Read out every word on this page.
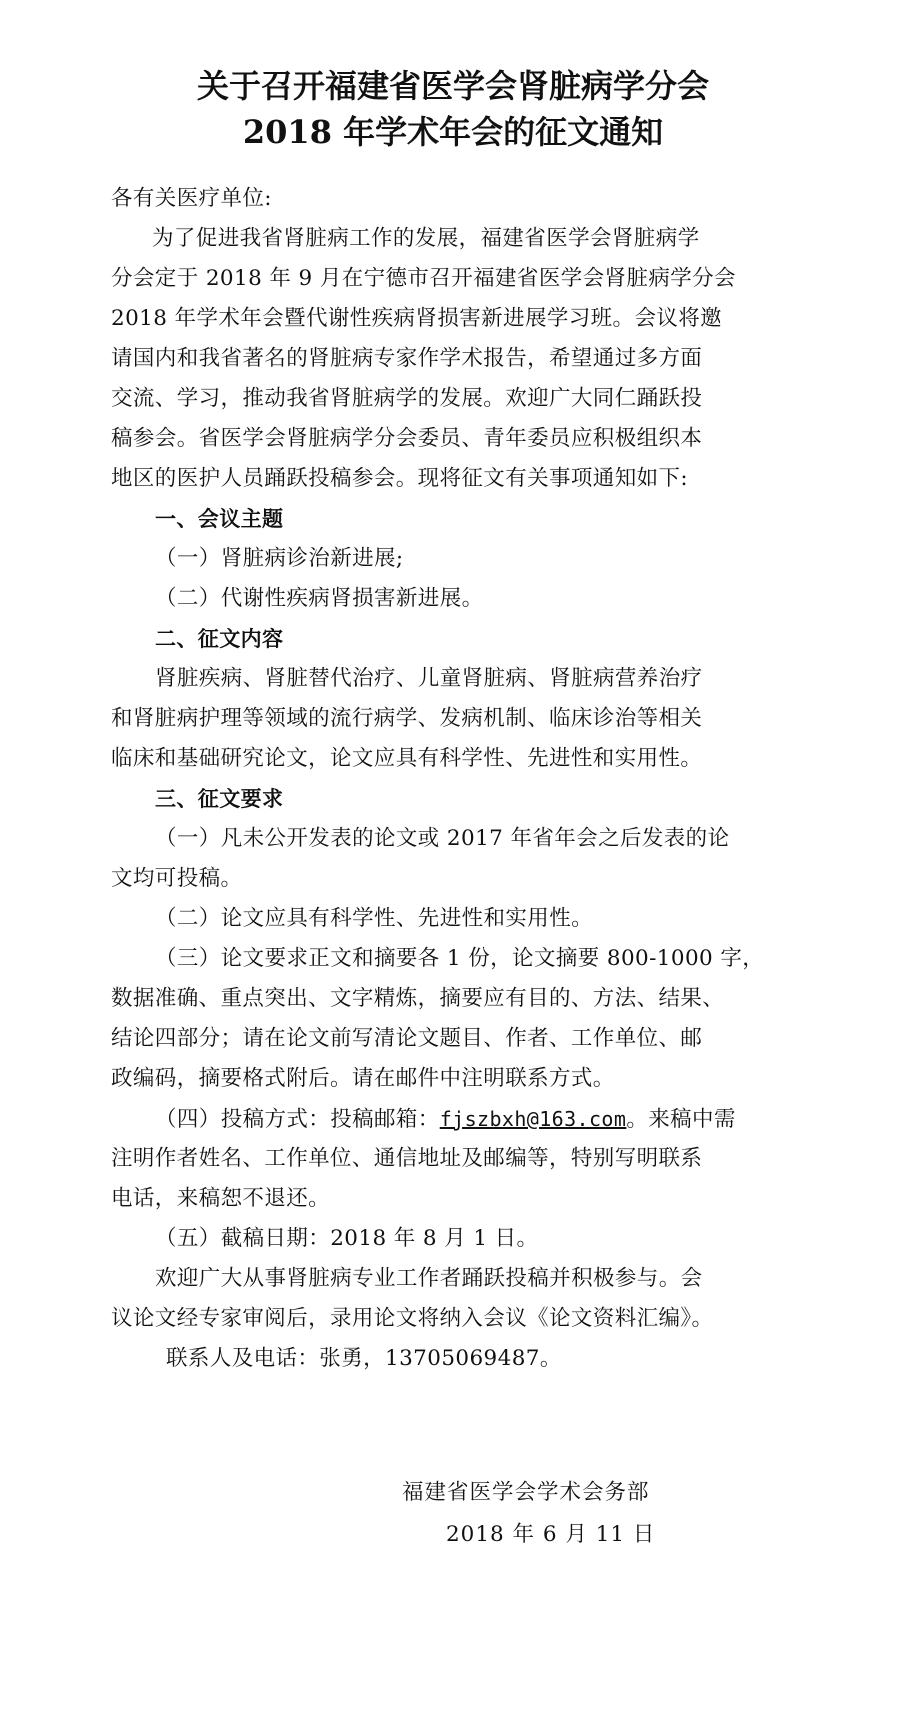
关于召开福建省医学会肾脏病学分会
2018 年学术年会的征文通知
各有关医疗单位:
为了促进我省肾脏病工作的发展，福建省医学会肾脏病学
分会定于 2018 年 9 月在宁德市召开福建省医学会肾脏病学分会
2018 年学术年会暨代谢性疾病肾损害新进展学习班。会议将邀
请国内和我省著名的肾脏病专家作学术报告，希望通过多方面
交流、学习，推动我省肾脏病学的发展。欢迎广大同仁踊跃投
稿参会。省医学会肾脏病学分会委员、青年委员应积极组织本
地区的医护人员踊跃投稿参会。现将征文有关事项通知如下:
一、会议主题
（一）肾脏病诊治新进展;
（二）代谢性疾病肾损害新进展。
二、征文内容
肾脏疾病、肾脏替代治疗、儿童肾脏病、肾脏病营养治疗
和肾脏病护理等领域的流行病学、发病机制、临床诊治等相关
临床和基础研究论文，论文应具有科学性、先进性和实用性。
三、征文要求
（一）凡未公开发表的论文或 2017 年省年会之后发表的论
文均可投稿。
（二）论文应具有科学性、先进性和实用性。
（三）论文要求正文和摘要各 1 份，论文摘要 800-1000 字，
数据准确、重点突出、文字精炼，摘要应有目的、方法、结果、
结论四部分；请在论文前写清论文题目、作者、工作单位、邮
政编码，摘要格式附后。请在邮件中注明联系方式。
（四）投稿方式：投稿邮箱：fjszbxh@163.com。来稿中需
注明作者姓名、工作单位、通信地址及邮编等，特别写明联系
电话，来稿恕不退还。
（五）截稿日期：2018 年 8 月 1 日。
欢迎广大从事肾脏病专业工作者踊跃投稿并积极参与。会
议论文经专家审阅后，录用论文将纳入会议《论文资料汇编》。
联系人及电话：张勇，13705069487。
福建省医学会学术会务部
2018 年 6 月 11 日
